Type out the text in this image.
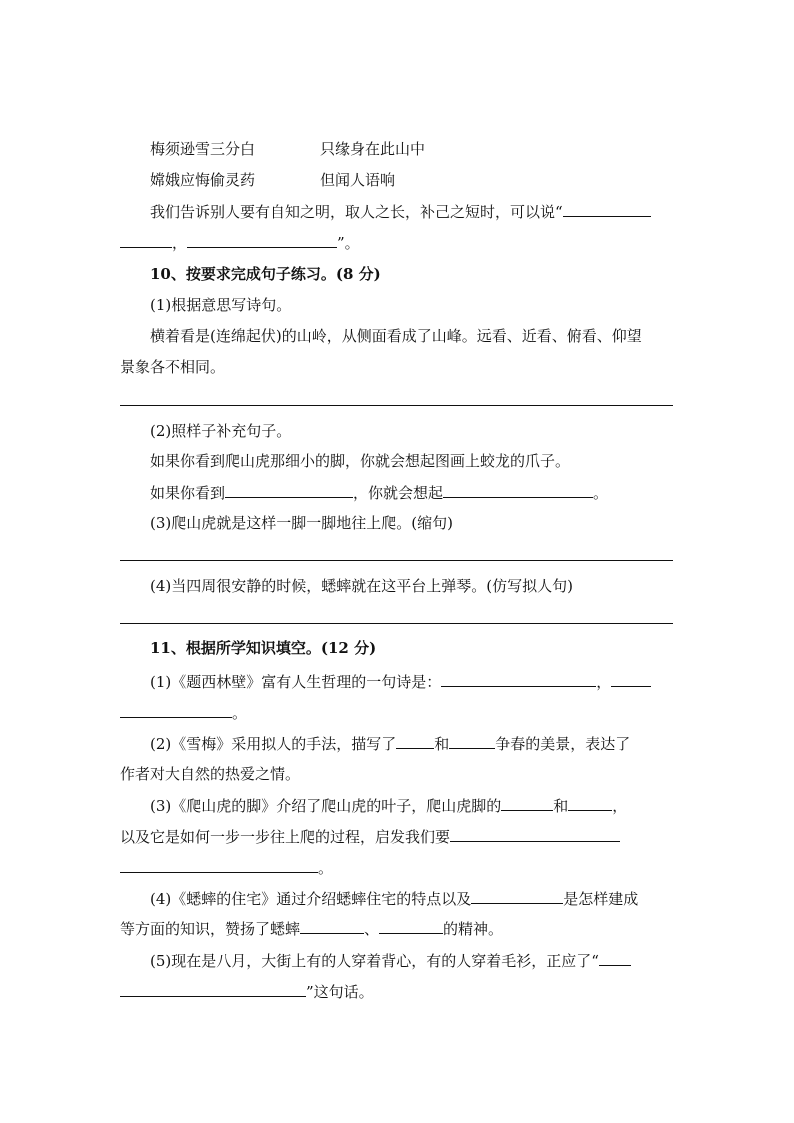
梅须逊雪三分白	只缘身在此山中
嫦娥应悔偷灵药	但闻人语响
我们告诉别人要有自知之明，取人之长，补己之短时，可以说“
，	”。
10、按要求完成句子练习。(8 分)
(1)根据意思写诗句。
横着看是(连绵起伏)的山岭，从侧面看成了山峰。远看、近看、俯看、仰望
景象各不相同。
(2)照样子补充句子。
如果你看到爬山虎那细小的脚，你就会想起图画上蛟龙的爪子。
如果你看到	，你就会想起	。
(3)爬山虎就是这样一脚一脚地往上爬。(缩句)
(4)当四周很安静的时候，蟋蟀就在这平台上弹琴。(仿写拟人句)
11、根据所学知识填空。(12 分)
(1)《题西林壁》富有人生哲理的一句诗是：	，
。
(2)《雪梅》采用拟人的手法，描写了	和	争春的美景，表达了
作者对大自然的热爱之情。
(3)《爬山虎的脚》介绍了爬山虎的叶子，爬山虎脚的	和	，
以及它是如何一步一步往上爬的过程，启发我们要
。
(4)《蟋蟀的住宅》通过介绍蟋蟀住宅的特点以及	是怎样建成
等方面的知识，赞扬了蟋蟀	、	的精神。
(5)现在是八月，大街上有的人穿着背心，有的人穿着毛衫，正应了“
”这句话。
